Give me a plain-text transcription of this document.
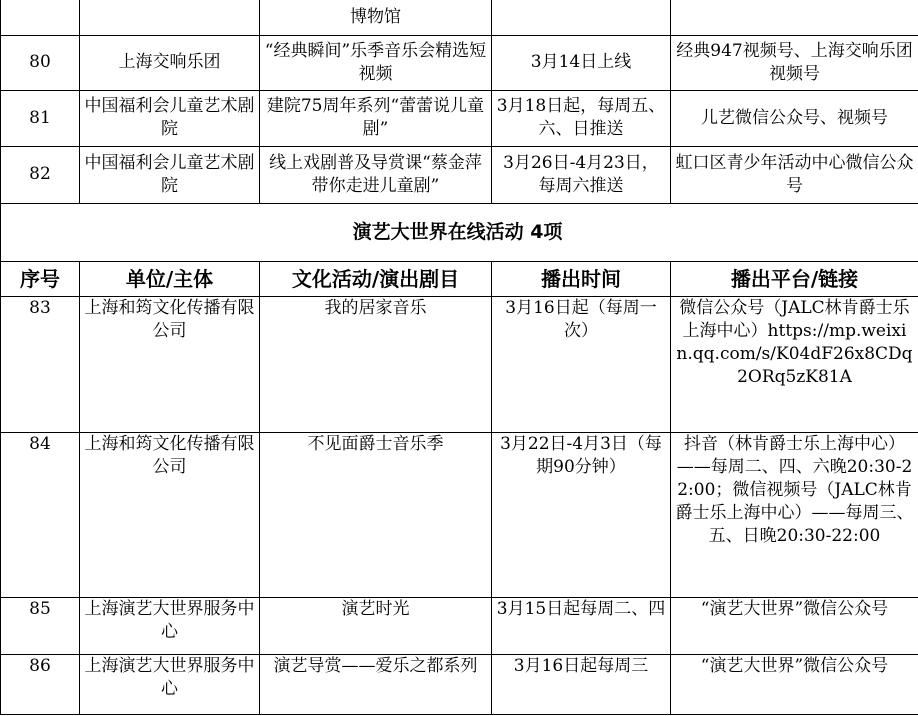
		博物馆		
80	上海交响乐团	“经典瞬间”乐季音乐会精选短视频	3月14日上线	经典947视频号、上海交响乐团视频号
81	中国福利会儿童艺术剧院	建院75周年系列“蕾蕾说儿童剧”	3月18日起，每周五、六、日推送	儿艺微信公众号、视频号
82	中国福利会儿童艺术剧院	线上戏剧普及导赏课“蔡金萍带你走进儿童剧”	3月26日-4月23日，每周六推送	虹口区青少年活动中心微信公众号
演艺大世界在线活动 4项				
序号	单位/主体	文化活动/演出剧目	播出时间	播出平台/链接
83	上海和筠文化传播有限公司	我的居家音乐	3月16日起（每周一次）	微信公众号（JALC林肯爵士乐上海中心）https://mp.weixin.qq.com/s/K04dF26x8CDq2ORq5zK81A
84	上海和筠文化传播有限公司	不见面爵士音乐季	3月22日-4月3日（每期90分钟）	抖音（林肯爵士乐上海中心）——每周二、四、六晚20:30-22:00；微信视频号（JALC林肯爵士乐上海中心）——每周三、五、日晚20:30-22:00
85	上海演艺大世界服务中心	演艺时光	3月15日起每周二、四	“演艺大世界”微信公众号
86	上海演艺大世界服务中心	演艺导赏——爱乐之都系列	3月16日起每周三	“演艺大世界”微信公众号
